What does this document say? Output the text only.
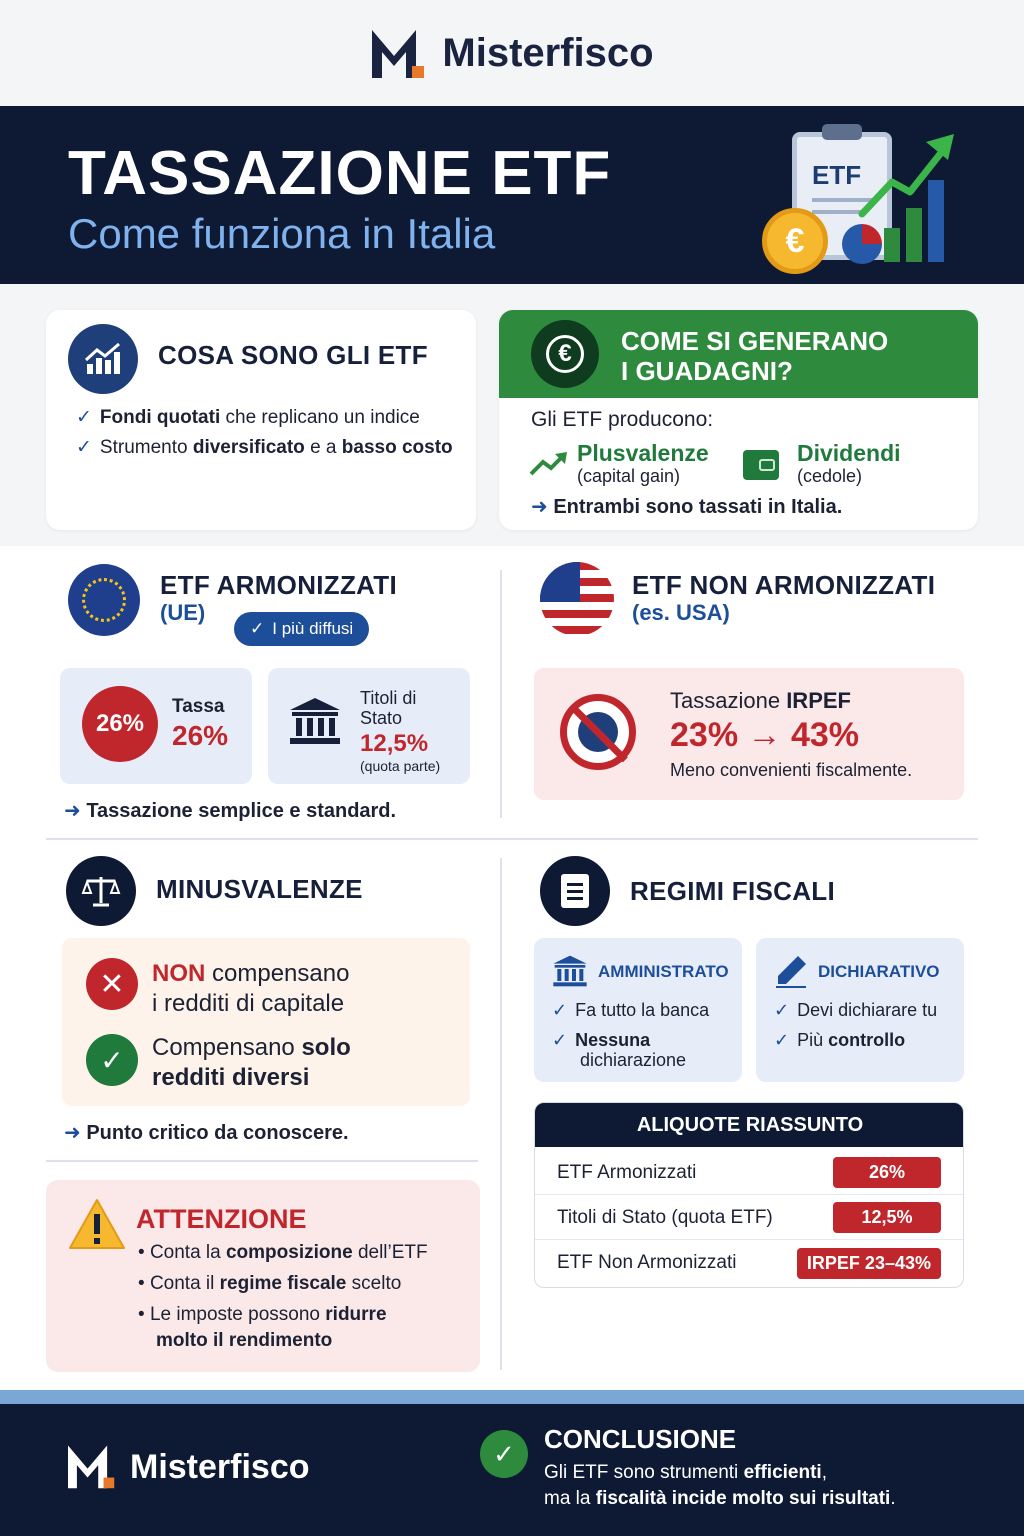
Misterfisco
TASSAZIONE ETF
Come funziona in Italia
ETF
€
COSA SONO GLI ETF
✓ Fondi quotati che replicano un indice
✓ Strumento diversificato e a basso costo
€	COME SI GENERANO
I GUADAGNI?
Gli ETF producono:
Plusvalenze
(capital gain)
Dividendi
(cedole)
➜ Entrambi sono tassati in Italia.
ETF ARMONIZZATI
(UE)
✓ I più diffusi
26%
Tassa
26%
Titoli di
Stato
12,5%
(quota parte)
➜ Tassazione semplice e standard.
ETF NON ARMONIZZATI
(es. USA)
Tassazione IRPEF
23% → 43%
Meno convenienti fiscalmente.
MINUSVALENZE
✕	NON compensano
i redditi di capitale
✓	Compensano solo
redditi diversi
➜ Punto critico da conoscere.
ATTENZIONE
• Conta la composizione dell’ETF
• Conta il regime fiscale scelto
• Le imposte possono ridurre
molto il rendimento
REGIMI FISCALI
AMMINISTRATO
✓ Fa tutto la banca
✓ Nessuna
dichiarazione
DICHIARATIVO
✓ Devi dichiarare tu
✓ Più controllo
ALIQUOTE RIASSUNTO
ETF Armonizzati	26%
Titoli di Stato (quota ETF)	12,5%
ETF Non Armonizzati	IRPEF 23–43%
Misterfisco	✓	CONCLUSIONE
Gli ETF sono strumenti efficienti,
ma la fiscalità incide molto sui risultati.
